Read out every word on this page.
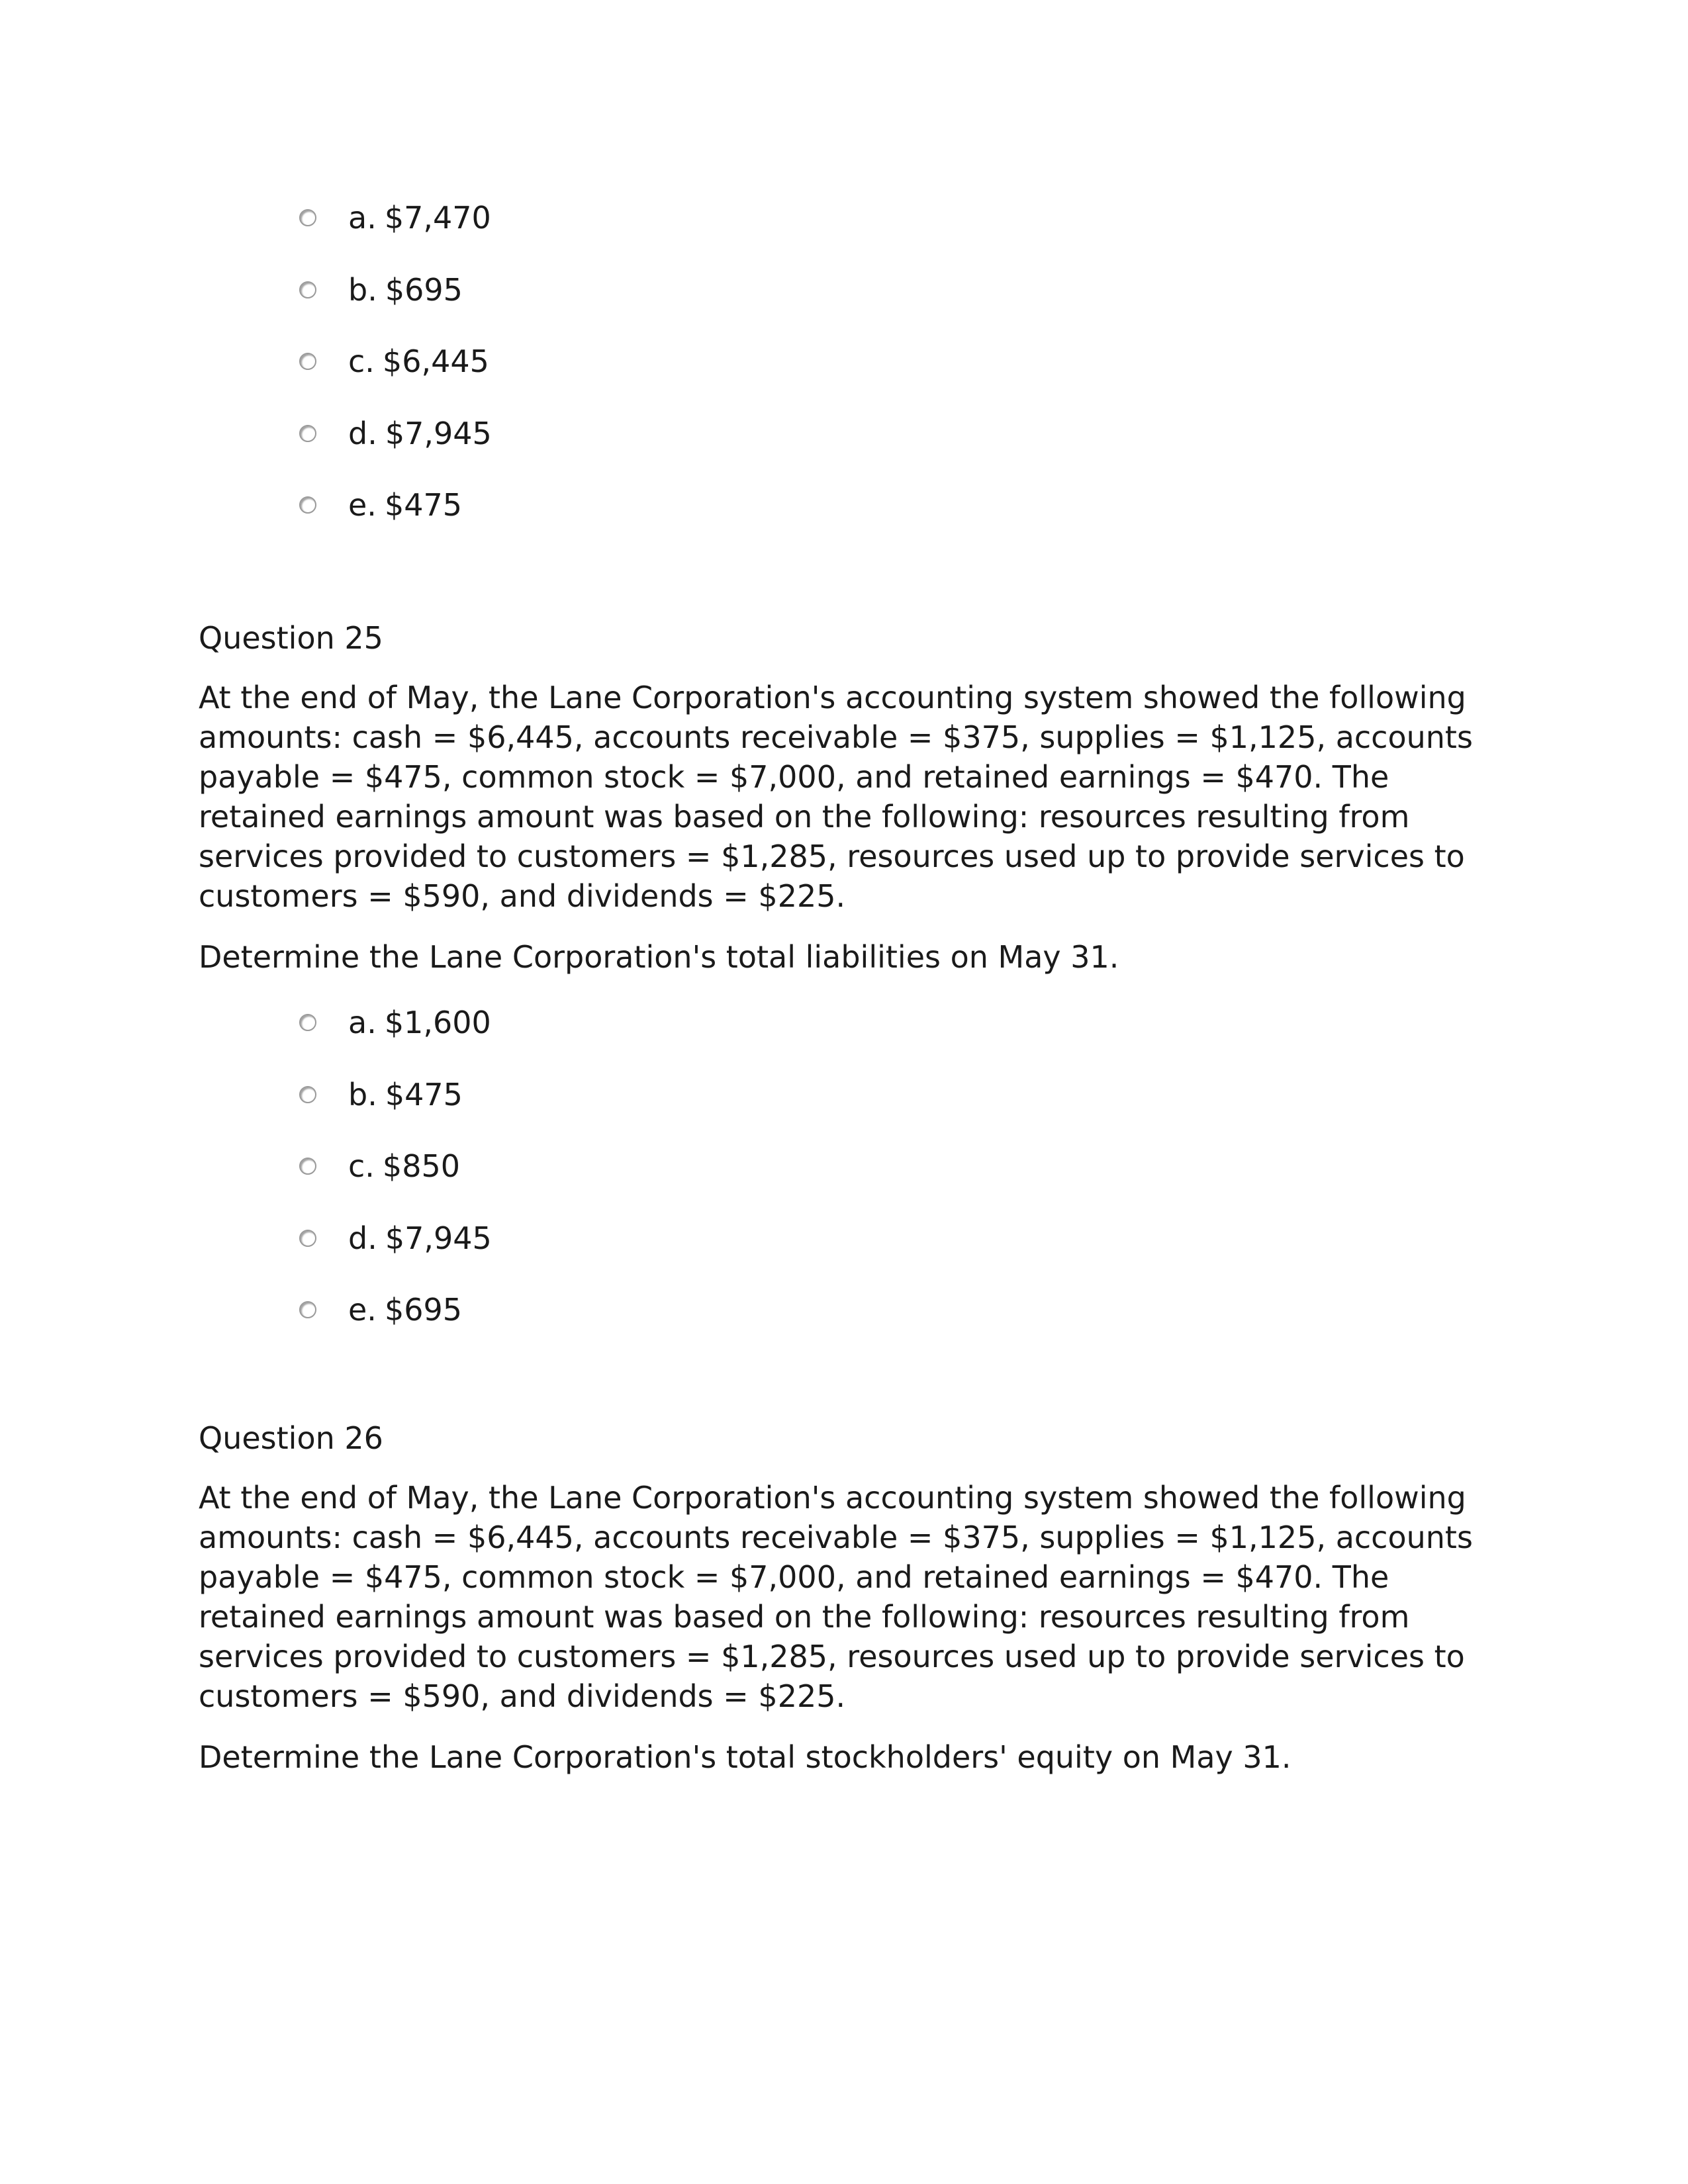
a. $7,470
b. $695
c. $6,445
d. $7,945
e. $475
Question 25

At the end of May, the Lane Corporation's accounting system showed the following amounts: cash = $6,445, accounts receivable = $375, supplies = $1,125, accounts payable = $475, common stock = $7,000, and retained earnings = $470. The retained earnings amount was based on the following: resources resulting from services provided to customers = $1,285, resources used up to provide services to customers = $590, and dividends = $225.

Determine the Lane Corporation's total liabilities on May 31.

a. $1,600
b. $475
c. $850
d. $7,945
e. $695
Question 26

At the end of May, the Lane Corporation's accounting system showed the following amounts: cash = $6,445, accounts receivable = $375, supplies = $1,125, accounts payable = $475, common stock = $7,000, and retained earnings = $470. The retained earnings amount was based on the following: resources resulting from services provided to customers = $1,285, resources used up to provide services to customers = $590, and dividends = $225.

Determine the Lane Corporation's total stockholders' equity on May 31.
